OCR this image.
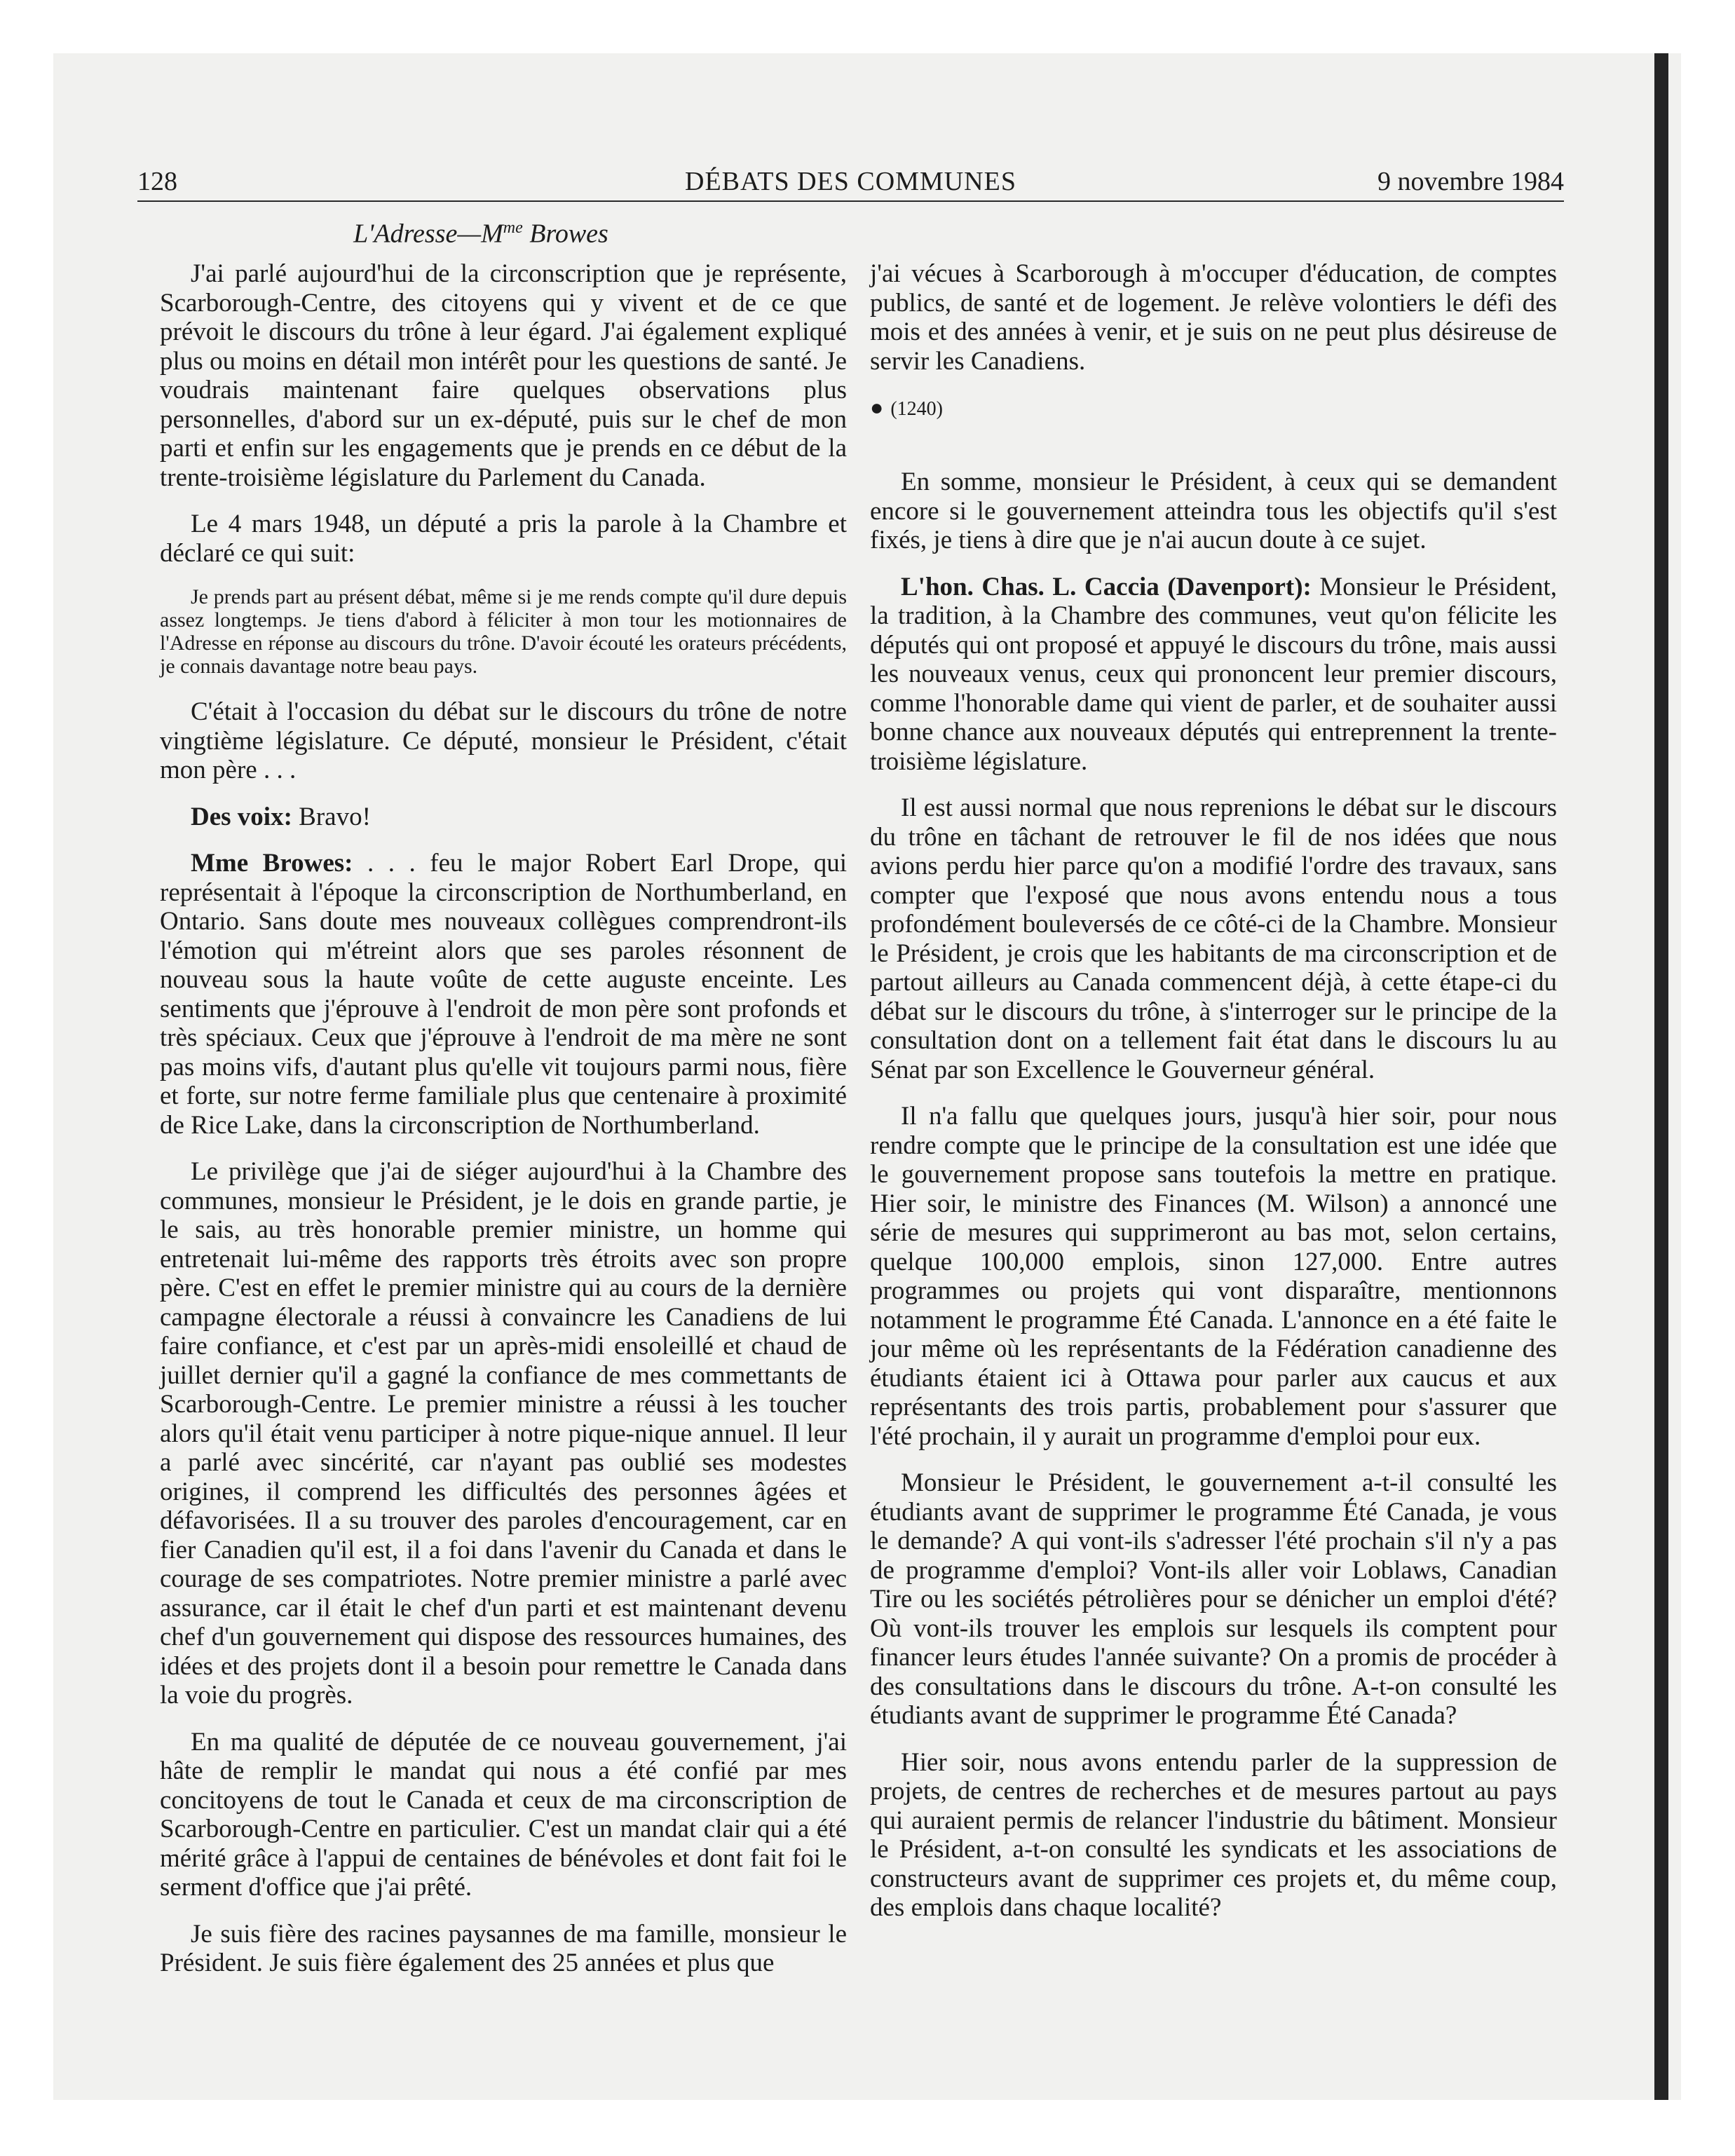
128	DÉBATS DES COMMUNES	9 novembre 1984
$L'Adresse—M^{me}$ Browes

J'ai parlé aujourd'hui de la circonscription que je représente, Scarborough-Centre, des citoyens qui y vivent et de ce que prévoit le discours du trône à leur égard. J'ai également expliqué plus ou moins en détail mon intérêt pour les questions de santé. Je voudrais maintenant faire quelques observations plus personnelles, d'abord sur un ex-député, puis sur le chef de mon parti et enfin sur les engagements que je prends en ce début de la trente-troisième législature du Parlement du Canada.

Le 4 mars 1948, un député a pris la parole à la Chambre et déclaré ce qui suit:

Je prends part au présent débat, même si je me rends compte qu'il dure depuis assez longtemps. Je tiens d'abord à féliciter à mon tour les motionnaires de l'Adresse en réponse au discours du trône. D'avoir écouté les orateurs précédents, je connais davantage notre beau pays.

C'était à l'occasion du débat sur le discours du trône de notre vingtième législature. Ce député, monsieur le Président, c'était mon père . . .

Des voix: Bravo!

Mme Browes: . . . feu le major Robert Earl Drope, qui représentait à l'époque la circonscription de Northumberland, en Ontario. Sans doute mes nouveaux collègues comprendront-ils l'émotion qui m'étreint alors que ses paroles résonnent de nouveau sous la haute voûte de cette auguste enceinte. Les sentiments que j'éprouve à l'endroit de mon père sont profonds et très spéciaux. Ceux que j'éprouve à l'endroit de ma mère ne sont pas moins vifs, d'autant plus qu'elle vit toujours parmi nous, fière et forte, sur notre ferme familiale plus que centenaire à proximité de Rice Lake, dans la circonscription de Northumberland.

Le privilège que j'ai de siéger aujourd'hui à la Chambre des communes, monsieur le Président, je le dois en grande partie, je le sais, au très honorable premier ministre, un homme qui entretenait lui-même des rapports très étroits avec son propre père. C'est en effet le premier ministre qui au cours de la dernière campagne électorale a réussi à convaincre les Canadiens de lui faire confiance, et c'est par un après-midi ensoleillé et chaud de juillet dernier qu'il a gagné la confiance de mes commettants de Scarborough-Centre. Le premier ministre a réussi à les toucher alors qu'il était venu participer à notre pique-nique annuel. Il leur a parlé avec sincérité, car n'ayant pas oublié ses modestes origines, il comprend les difficultés des personnes âgées et défavorisées. Il a su trouver des paroles d'encouragement, car en fier Canadien qu'il est, il a foi dans l'avenir du Canada et dans le courage de ses compatriotes. Notre premier ministre a parlé avec assurance, car il était le chef d'un parti et est maintenant devenu chef d'un gouvernement qui dispose des ressources humaines, des idées et des projets dont il a besoin pour remettre le Canada dans la voie du progrès.

En ma qualité de députée de ce nouveau gouvernement, j'ai hâte de remplir le mandat qui nous a été confié par mes concitoyens de tout le Canada et ceux de ma circonscription de Scarborough-Centre en particulier. C'est un mandat clair qui a été mérité grâce à l'appui de centaines de bénévoles et dont fait foi le serment d'office que j'ai prêté.

Je suis fière des racines paysannes de ma famille, monsieur le Président. Je suis fière également des 25 années et plus que

j'ai vécues à Scarborough à m'occuper d'éducation, de comptes publics, de santé et de logement. Je relève volontiers le défi des mois et des années à venir, et je suis on ne peut plus désireuse de servir les Canadiens.

● (1240)

En somme, monsieur le Président, à ceux qui se demandent encore si le gouvernement atteindra tous les objectifs qu'il s'est fixés, je tiens à dire que je n'ai aucun doute à ce sujet.

L'hon. Chas. L. Caccia (Davenport): Monsieur le Président, la tradition, à la Chambre des communes, veut qu'on félicite les députés qui ont proposé et appuyé le discours du trône, mais aussi les nouveaux venus, ceux qui prononcent leur premier discours, comme l'honorable dame qui vient de parler, et de souhaiter aussi bonne chance aux nouveaux députés qui entreprennent la trente-troisième législature.

Il est aussi normal que nous reprenions le débat sur le discours du trône en tâchant de retrouver le fil de nos idées que nous avions perdu hier parce qu'on a modifié l'ordre des travaux, sans compter que l'exposé que nous avons entendu nous a tous profondément bouleversés de ce côté-ci de la Chambre. Monsieur le Président, je crois que les habitants de ma circonscription et de partout ailleurs au Canada commencent déjà, à cette étape-ci du débat sur le discours du trône, à s'interroger sur le principe de la consultation dont on a tellement fait état dans le discours lu au Sénat par son Excellence le Gouverneur général.

Il n'a fallu que quelques jours, jusqu'à hier soir, pour nous rendre compte que le principe de la consultation est une idée que le gouvernement propose sans toutefois la mettre en pratique. Hier soir, le ministre des Finances (M. Wilson) a annoncé une série de mesures qui supprimeront au bas mot, selon certains, quelque 100,000 emplois, sinon 127,000. Entre autres programmes ou projets qui vont disparaître, mentionnons notamment le programme Été Canada. L'annonce en a été faite le jour même où les représentants de la Fédération canadienne des étudiants étaient ici à Ottawa pour parler aux caucus et aux représentants des trois partis, probablement pour s'assurer que l'été prochain, il y aurait un programme d'emploi pour eux.

Monsieur le Président, le gouvernement a-t-il consulté les étudiants avant de supprimer le programme Été Canada, je vous le demande? A qui vont-ils s'adresser l'été prochain s'il n'y a pas de programme d'emploi? Vont-ils aller voir Loblaws, Canadian Tire ou les sociétés pétrolières pour se dénicher un emploi d'été? Où vont-ils trouver les emplois sur lesquels ils comptent pour financer leurs études l'année suivante? On a promis de procéder à des consultations dans le discours du trône. A-t-on consulté les étudiants avant de supprimer le programme Été Canada?

Hier soir, nous avons entendu parler de la suppression de projets, de centres de recherches et de mesures partout au pays qui auraient permis de relancer l'industrie du bâtiment. Monsieur le Président, a-t-on consulté les syndicats et les associations de constructeurs avant de supprimer ces projets et, du même coup, des emplois dans chaque localité?
